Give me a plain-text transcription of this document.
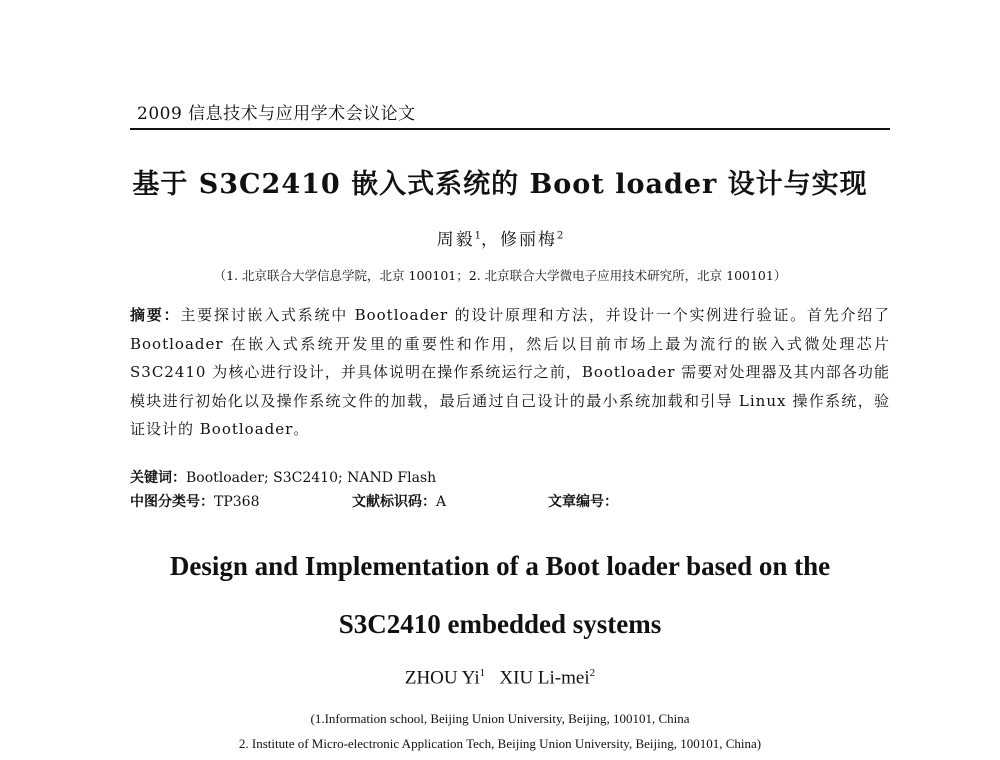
2009 信息技术与应用学术会议论文
基于 S3C2410 嵌入式系统的 Boot loader 设计与实现
周毅$^1$，修丽梅$^2$
（1. 北京联合大学信息学院，北京 100101；2. 北京联合大学微电子应用技术研究所，北京 100101）
摘要：主要探讨嵌入式系统中 Bootloader 的设计原理和方法，并设计一个实例进行验证。首先介绍了 Bootloader 在嵌入式系统开发里的重要性和作用，然后以目前市场上最为流行的嵌入式微处理芯片 S3C2410 为核心进行设计，并具体说明在操作系统运行之前，Bootloader 需要对处理器及其内部各功能模块进行初始化以及操作系统文件的加载，最后通过自己设计的最小系统加载和引导 Linux 操作系统，验证设计的 Bootloader。
关键词：Bootloader; S3C2410; NAND Flash
中图分类号：TP368	文献标识码：A	文章编号：
Design and Implementation of a Boot loader based on the
S3C2410 embedded systems
ZHOU Yi$^1$ XIU Li-mei$^2$
(1.Information school, Beijing Union University, Beijing, 100101, China
2. Institute of Micro-electronic Application Tech, Beijing Union University, Beijing, 100101, China)
